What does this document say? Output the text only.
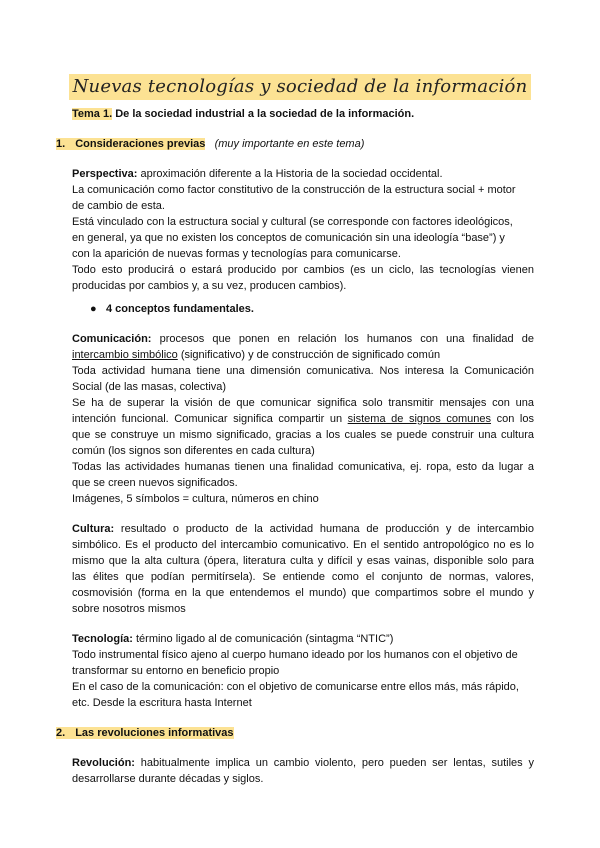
Nuevas tecnologías y sociedad de la información
Tema 1. De la sociedad industrial a la sociedad de la información.
1. Consideraciones previas (muy importante en este tema)
Perspectiva: aproximación diferente a la Historia de la sociedad occidental.
La comunicación como factor constitutivo de la construcción de la estructura social + motor
de cambio de esta.
Está vinculado con la estructura social y cultural (se corresponde con factores ideológicos,
en general, ya que no existen los conceptos de comunicación sin una ideología “base”) y
con la aparición de nuevas formas y tecnologías para comunicarse.
Todo esto producirá o estará producido por cambios (es un ciclo, las tecnologías vienen
producidas por cambios y, a su vez, producen cambios).
● 4 conceptos fundamentales.
Comunicación: procesos que ponen en relación los humanos con una finalidad de
intercambio simbólico (significativo) y de construcción de significado común
Toda actividad humana tiene una dimensión comunicativa. Nos interesa la Comunicación
Social (de las masas, colectiva)
Se ha de superar la visión de que comunicar significa solo transmitir mensajes con una
intención funcional. Comunicar significa compartir un sistema de signos comunes con los
que se construye un mismo significado, gracias a los cuales se puede construir una cultura
común (los signos son diferentes en cada cultura)
Todas las actividades humanas tienen una finalidad comunicativa, ej. ropa, esto da lugar a
que se creen nuevos significados.
Imágenes, 5 símbolos = cultura, números en chino
Cultura: resultado o producto de la actividad humana de producción y de intercambio
simbólico. Es el producto del intercambio comunicativo. En el sentido antropológico no es lo
mismo que la alta cultura (ópera, literatura culta y difícil y esas vainas, disponible solo para
las élites que podían permitírsela). Se entiende como el conjunto de normas, valores,
cosmovisión (forma en la que entendemos el mundo) que compartimos sobre el mundo y
sobre nosotros mismos
Tecnología: término ligado al de comunicación (sintagma “NTIC”)
Todo instrumental físico ajeno al cuerpo humano ideado por los humanos con el objetivo de
transformar su entorno en beneficio propio
En el caso de la comunicación: con el objetivo de comunicarse entre ellos más, más rápido,
etc. Desde la escritura hasta Internet
2. Las revoluciones informativas
Revolución: habitualmente implica un cambio violento, pero pueden ser lentas, sutiles y
desarrollarse durante décadas y siglos.
